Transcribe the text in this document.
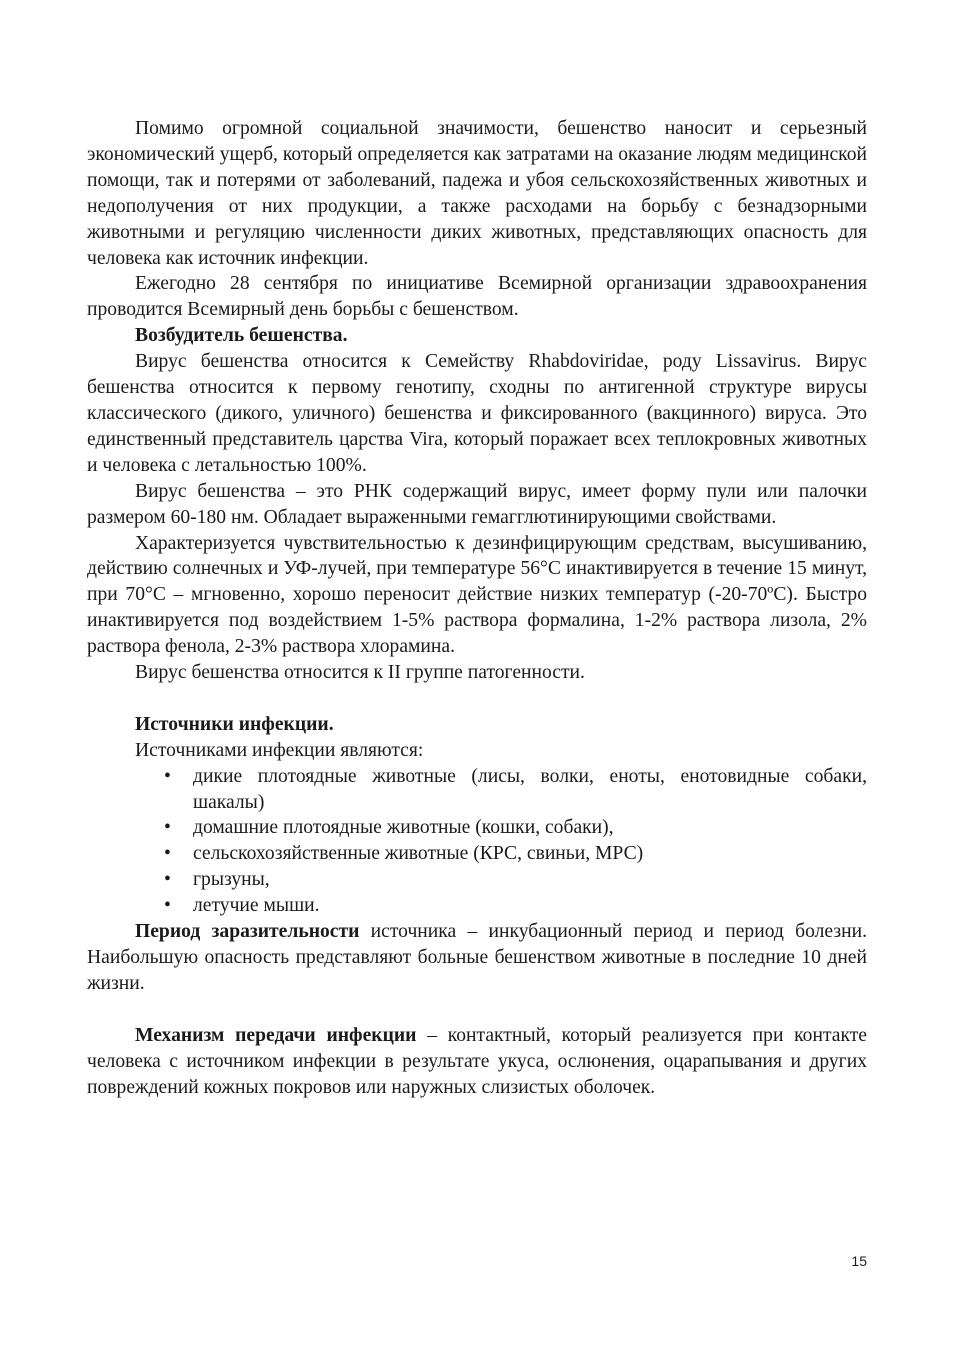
Помимо огромной социальной значимости, бешенство наносит и серьезный экономический ущерб, который определяется как затратами на оказание людям медицинской помощи, так и потерями от заболеваний, падежа и убоя сельскохозяйственных животных и недополучения от них продукции, а также расходами на борьбу с безнадзорными животными и регуляцию численности диких животных, представляющих опасность для человека как источник инфекции.

Ежегодно 28 сентября по инициативе Всемирной организации здравоохранения проводится Всемирный день борьбы с бешенством.

Возбудитель бешенства.

Вирус бешенства относится к Семейству Rhabdoviridae, роду Lissavirus. Вирус бешенства относится к первому генотипу, сходны по антигенной структуре вирусы классического (дикого, уличного) бешенства и фиксированного (вакцинного) вируса. Это единственный представитель царства Vira, который поражает всех теплокровных животных и человека с летальностью 100%.

Вирус бешенства – это РНК содержащий вирус, имеет форму пули или палочки размером 60-180 нм. Обладает выраженными гемагглютинирующими свойствами.

Характеризуется чувствительностью к дезинфицирующим средствам, высушиванию, действию солнечных и УФ-лучей, при температуре 56°С инактивируется в течение 15 минут, при 70°С – мгновенно, хорошо переносит действие низких температур (-20-70ºС). Быстро инактивируется под воздействием 1-5% раствора формалина, 1-2% раствора лизола, 2% раствора фенола, 2-3% раствора хлорамина.

Вирус бешенства относится к II группе патогенности.

Источники инфекции.

Источниками инфекции являются:

• дикие плотоядные животные (лисы, волки, еноты, енотовидные собаки, шакалы)
• домашние плотоядные животные (кошки, собаки),
• сельскохозяйственные животные (КРС, свиньи, МРС)
• грызуны,
• летучие мыши.

Период заразительности источника – инкубационный период и период болезни. Наибольшую опасность представляют больные бешенством животные в последние 10 дней жизни.

Механизм передачи инфекции – контактный, который реализуется при контакте человека с источником инфекции в результате укуса, ослюнения, оцарапывания и других повреждений кожных покровов или наружных слизистых оболочек.

15
